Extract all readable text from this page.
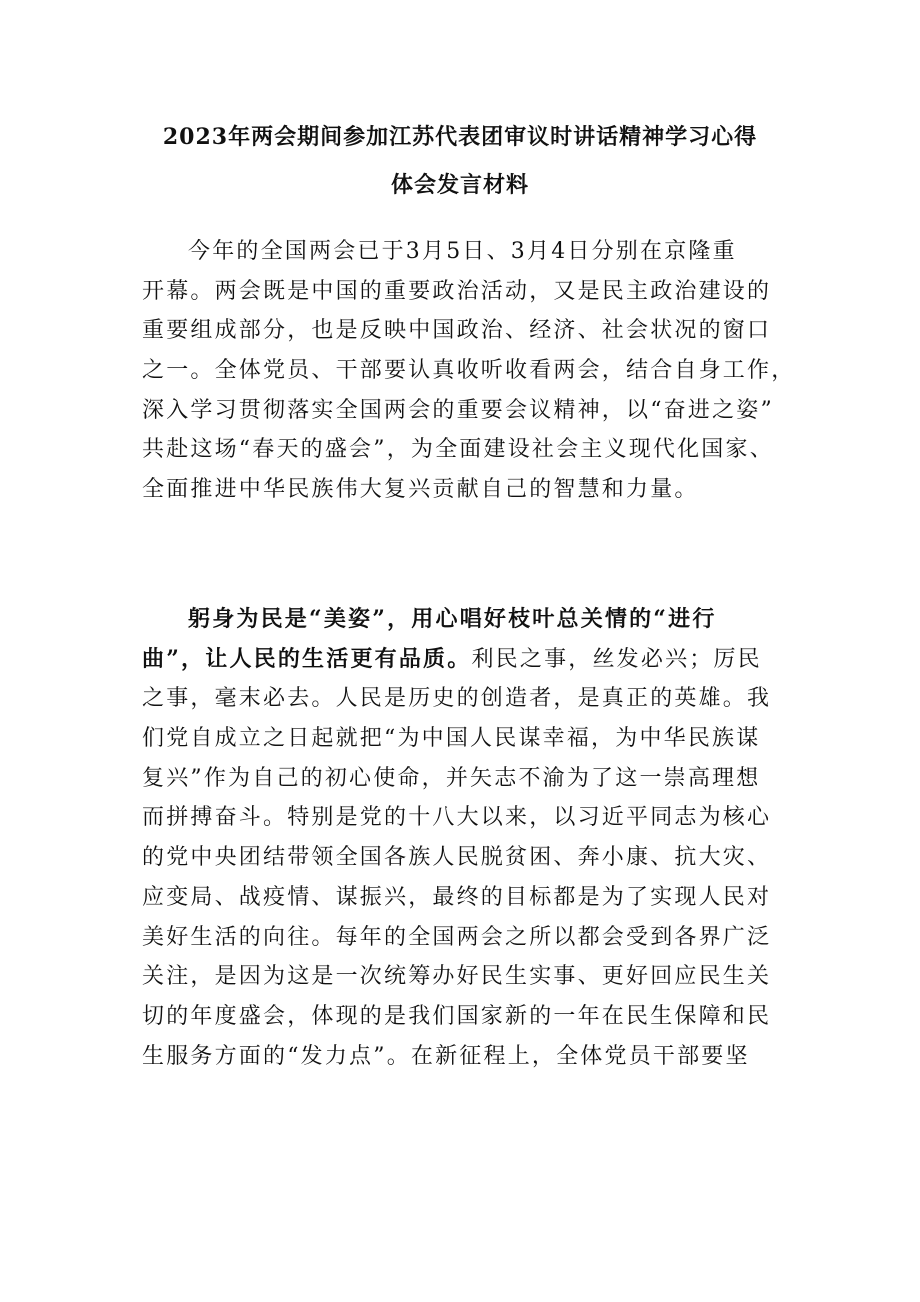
2023年两会期间参加江苏代表团审议时讲话精神学习心得
体会发言材料
今年的全国两会已于3月5日、3月4日分别在京隆重
开幕。两会既是中国的重要政治活动，又是民主政治建设的
重要组成部分，也是反映中国政治、经济、社会状况的窗口
之一。全体党员、干部要认真收听收看两会，结合自身工作，
深入学习贯彻落实全国两会的重要会议精神，以“奋进之姿”
共赴这场“春天的盛会”，为全面建设社会主义现代化国家、
全面推进中华民族伟大复兴贡献自己的智慧和力量。
躬身为民是“美姿”，用心唱好枝叶总关情的“进行
曲”，让人民的生活更有品质。利民之事，丝发必兴；厉民
之事，毫末必去。人民是历史的创造者，是真正的英雄。我
们党自成立之日起就把“为中国人民谋幸福，为中华民族谋
复兴”作为自己的初心使命，并矢志不渝为了这一崇高理想
而拼搏奋斗。特别是党的十八大以来，以习近平同志为核心
的党中央团结带领全国各族人民脱贫困、奔小康、抗大灾、
应变局、战疫情、谋振兴，最终的目标都是为了实现人民对
美好生活的向往。每年的全国两会之所以都会受到各界广泛
关注，是因为这是一次统筹办好民生实事、更好回应民生关
切的年度盛会，体现的是我们国家新的一年在民生保障和民
生服务方面的“发力点”。在新征程上，全体党员干部要坚
